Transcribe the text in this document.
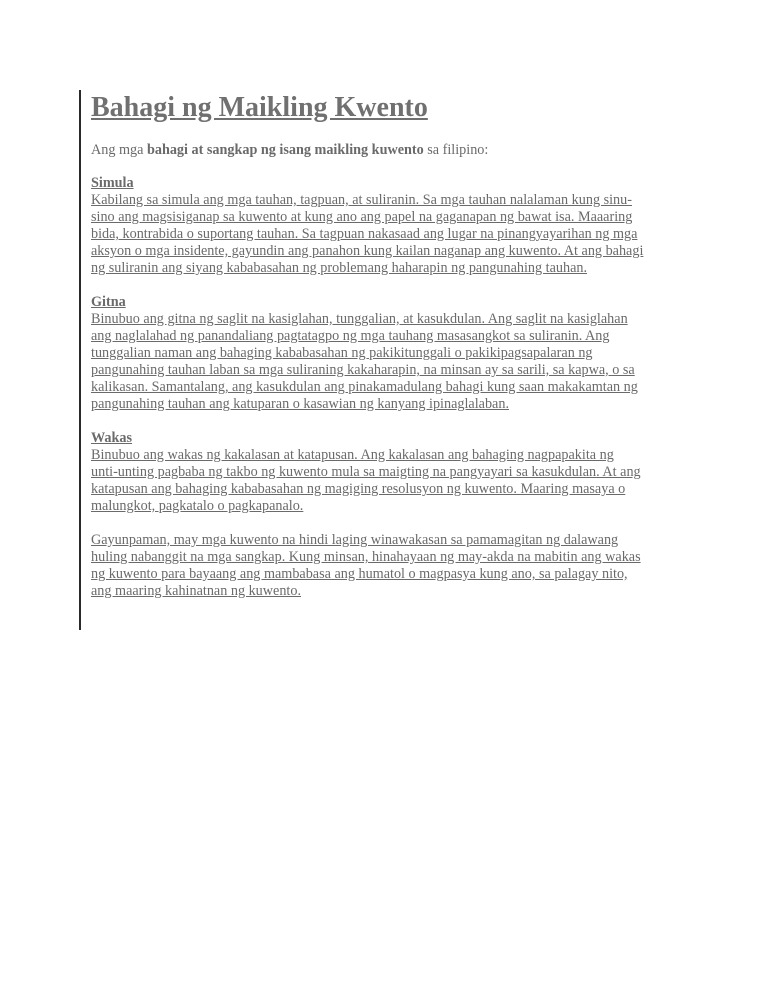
Bahagi ng Maikling Kwento

Ang mga bahagi at sangkap ng isang maikling kuwento sa filipino:

Simula
Kabilang sa simula ang mga tauhan, tagpuan, at suliranin. Sa mga tauhan nalalaman kung sinu-
sino ang magsisiganap sa kuwento at kung ano ang papel na gaganapan ng bawat isa. Maaaring
bida, kontrabida o suportang tauhan. Sa tagpuan nakasaad ang lugar na pinangyayarihan ng mga
aksyon o mga insidente, gayundin ang panahon kung kailan naganap ang kuwento. At ang bahagi
ng suliranin ang siyang kababasahan ng problemang haharapin ng pangunahing tauhan.
Gitna
Binubuo ang gitna ng saglit na kasiglahan, tunggalian, at kasukdulan. Ang saglit na kasiglahan
ang naglalahad ng panandaliang pagtatagpo ng mga tauhang masasangkot sa suliranin. Ang
tunggalian naman ang bahaging kababasahan ng pakikitunggali o pakikipagsapalaran ng
pangunahing tauhan laban sa mga suliraning kakaharapin, na minsan ay sa sarili, sa kapwa, o sa
kalikasan. Samantalang, ang kasukdulan ang pinakamadulang bahagi kung saan makakamtan ng
pangunahing tauhan ang katuparan o kasawian ng kanyang ipinaglalaban.
Wakas
Binubuo ang wakas ng kakalasan at katapusan. Ang kakalasan ang bahaging nagpapakita ng
unti-unting pagbaba ng takbo ng kuwento mula sa maigting na pangyayari sa kasukdulan. At ang
katapusan ang bahaging kababasahan ng magiging resolusyon ng kuwento. Maaring masaya o
malungkot, pagkatalo o pagkapanalo.
Gayunpaman, may mga kuwento na hindi laging winawakasan sa pamamagitan ng dalawang
huling nabanggit na mga sangkap. Kung minsan, hinahayaan ng may-akda na mabitin ang wakas
ng kuwento para bayaang ang mambabasa ang humatol o magpasya kung ano, sa palagay nito,
ang maaring kahinatnan ng kuwento.
